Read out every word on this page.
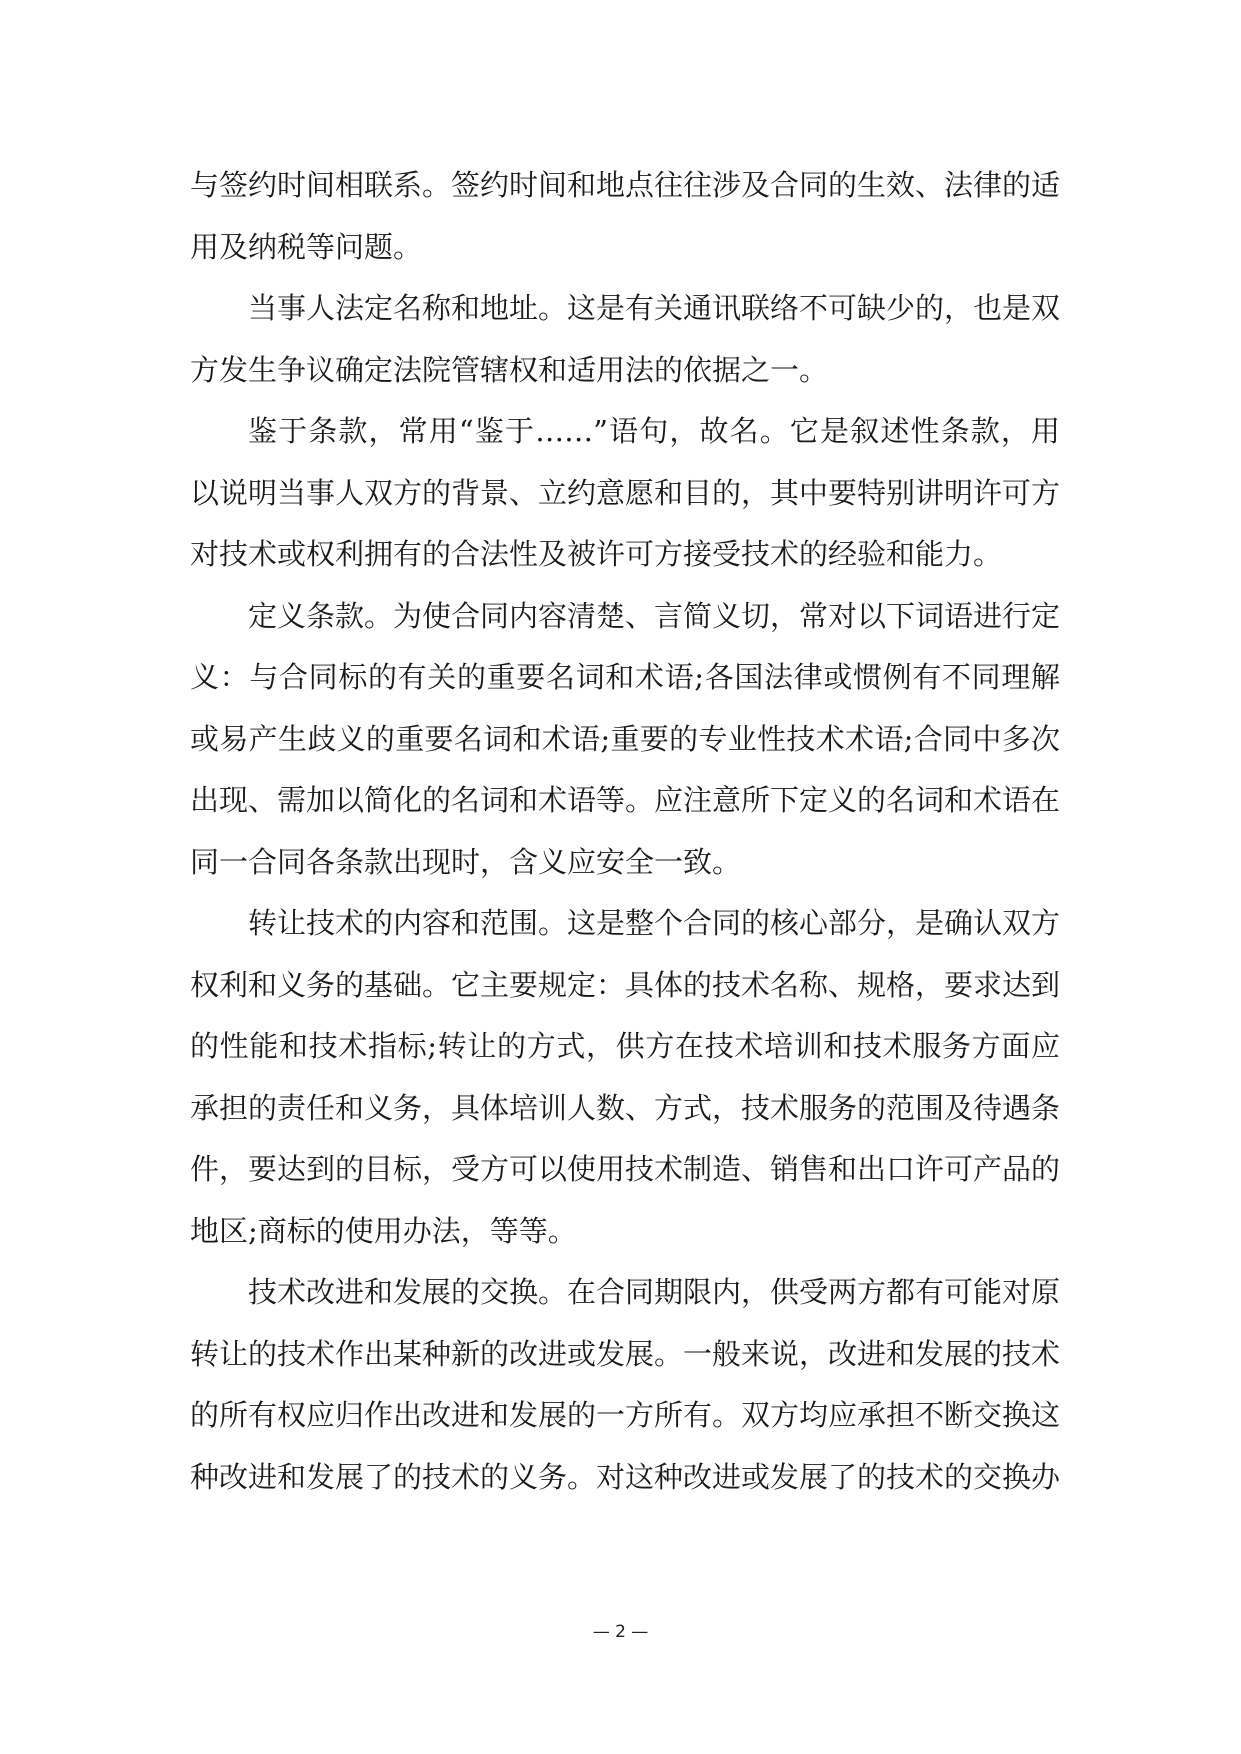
与签约时间相联系。签约时间和地点往往涉及合同的生效、法律的适用及纳税等问题。

当事人法定名称和地址。这是有关通讯联络不可缺少的，也是双方发生争议确定法院管辖权和适用法的依据之一。

鉴于条款，常用“鉴于……”语句，故名。它是叙述性条款，用以说明当事人双方的背景、立约意愿和目的，其中要特别讲明许可方对技术或权利拥有的合法性及被许可方接受技术的经验和能力。

定义条款。为使合同内容清楚、言简义切，常对以下词语进行定义：与合同标的有关的重要名词和术语;各国法律或惯例有不同理解或易产生歧义的重要名词和术语;重要的专业性技术术语;合同中多次出现、需加以简化的名词和术语等。应注意所下定义的名词和术语在同一合同各条款出现时，含义应安全一致。

转让技术的内容和范围。这是整个合同的核心部分，是确认双方权利和义务的基础。它主要规定：具体的技术名称、规格，要求达到的性能和技术指标;转让的方式，供方在技术培训和技术服务方面应承担的责任和义务，具体培训人数、方式，技术服务的范围及待遇条件，要达到的目标，受方可以使用技术制造、销售和出口许可产品的地区;商标的使用办法，等等。

技术改进和发展的交换。在合同期限内，供受两方都有可能对原转让的技术作出某种新的改进或发展。一般来说，改进和发展的技术的所有权应归作出改进和发展的一方所有。双方均应承担不断交换这种改进和发展了的技术的义务。对这种改进或发展了的技术的交换办

— 2 —
